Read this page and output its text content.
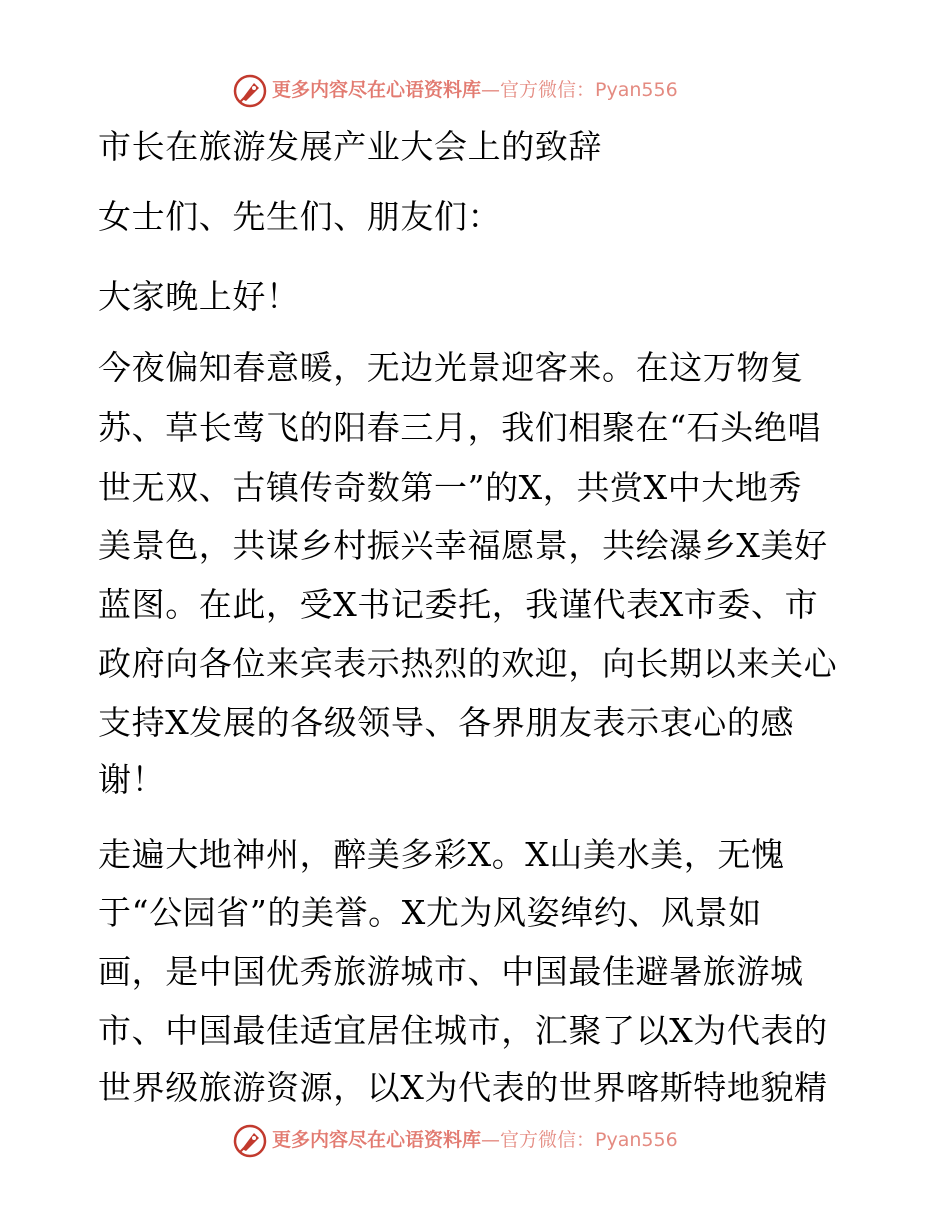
更多内容尽在心语资料库—官方微信：Pyan556
市长在旅游发展产业大会上的致辞
女士们、先生们、朋友们：
大家晚上好！
今夜偏知春意暖，无边光景迎客来。在这万物复
苏、草长莺飞的阳春三月，我们相聚在“石头绝唱
世无双、古镇传奇数第一”的X，共赏X中大地秀
美景色，共谋乡村振兴幸福愿景，共绘瀑乡X美好
蓝图。在此，受X书记委托，我谨代表X市委、市
政府向各位来宾表示热烈的欢迎，向长期以来关心
支持X发展的各级领导、各界朋友表示衷心的感
谢！
走遍大地神州，醉美多彩X。X山美水美，无愧
于“公园省”的美誉。X尤为风姿绰约、风景如
画，是中国优秀旅游城市、中国最佳避暑旅游城
市、中国最佳适宜居住城市，汇聚了以X为代表的
世界级旅游资源，以X为代表的世界喀斯特地貌精
更多内容尽在心语资料库—官方微信：Pyan556
